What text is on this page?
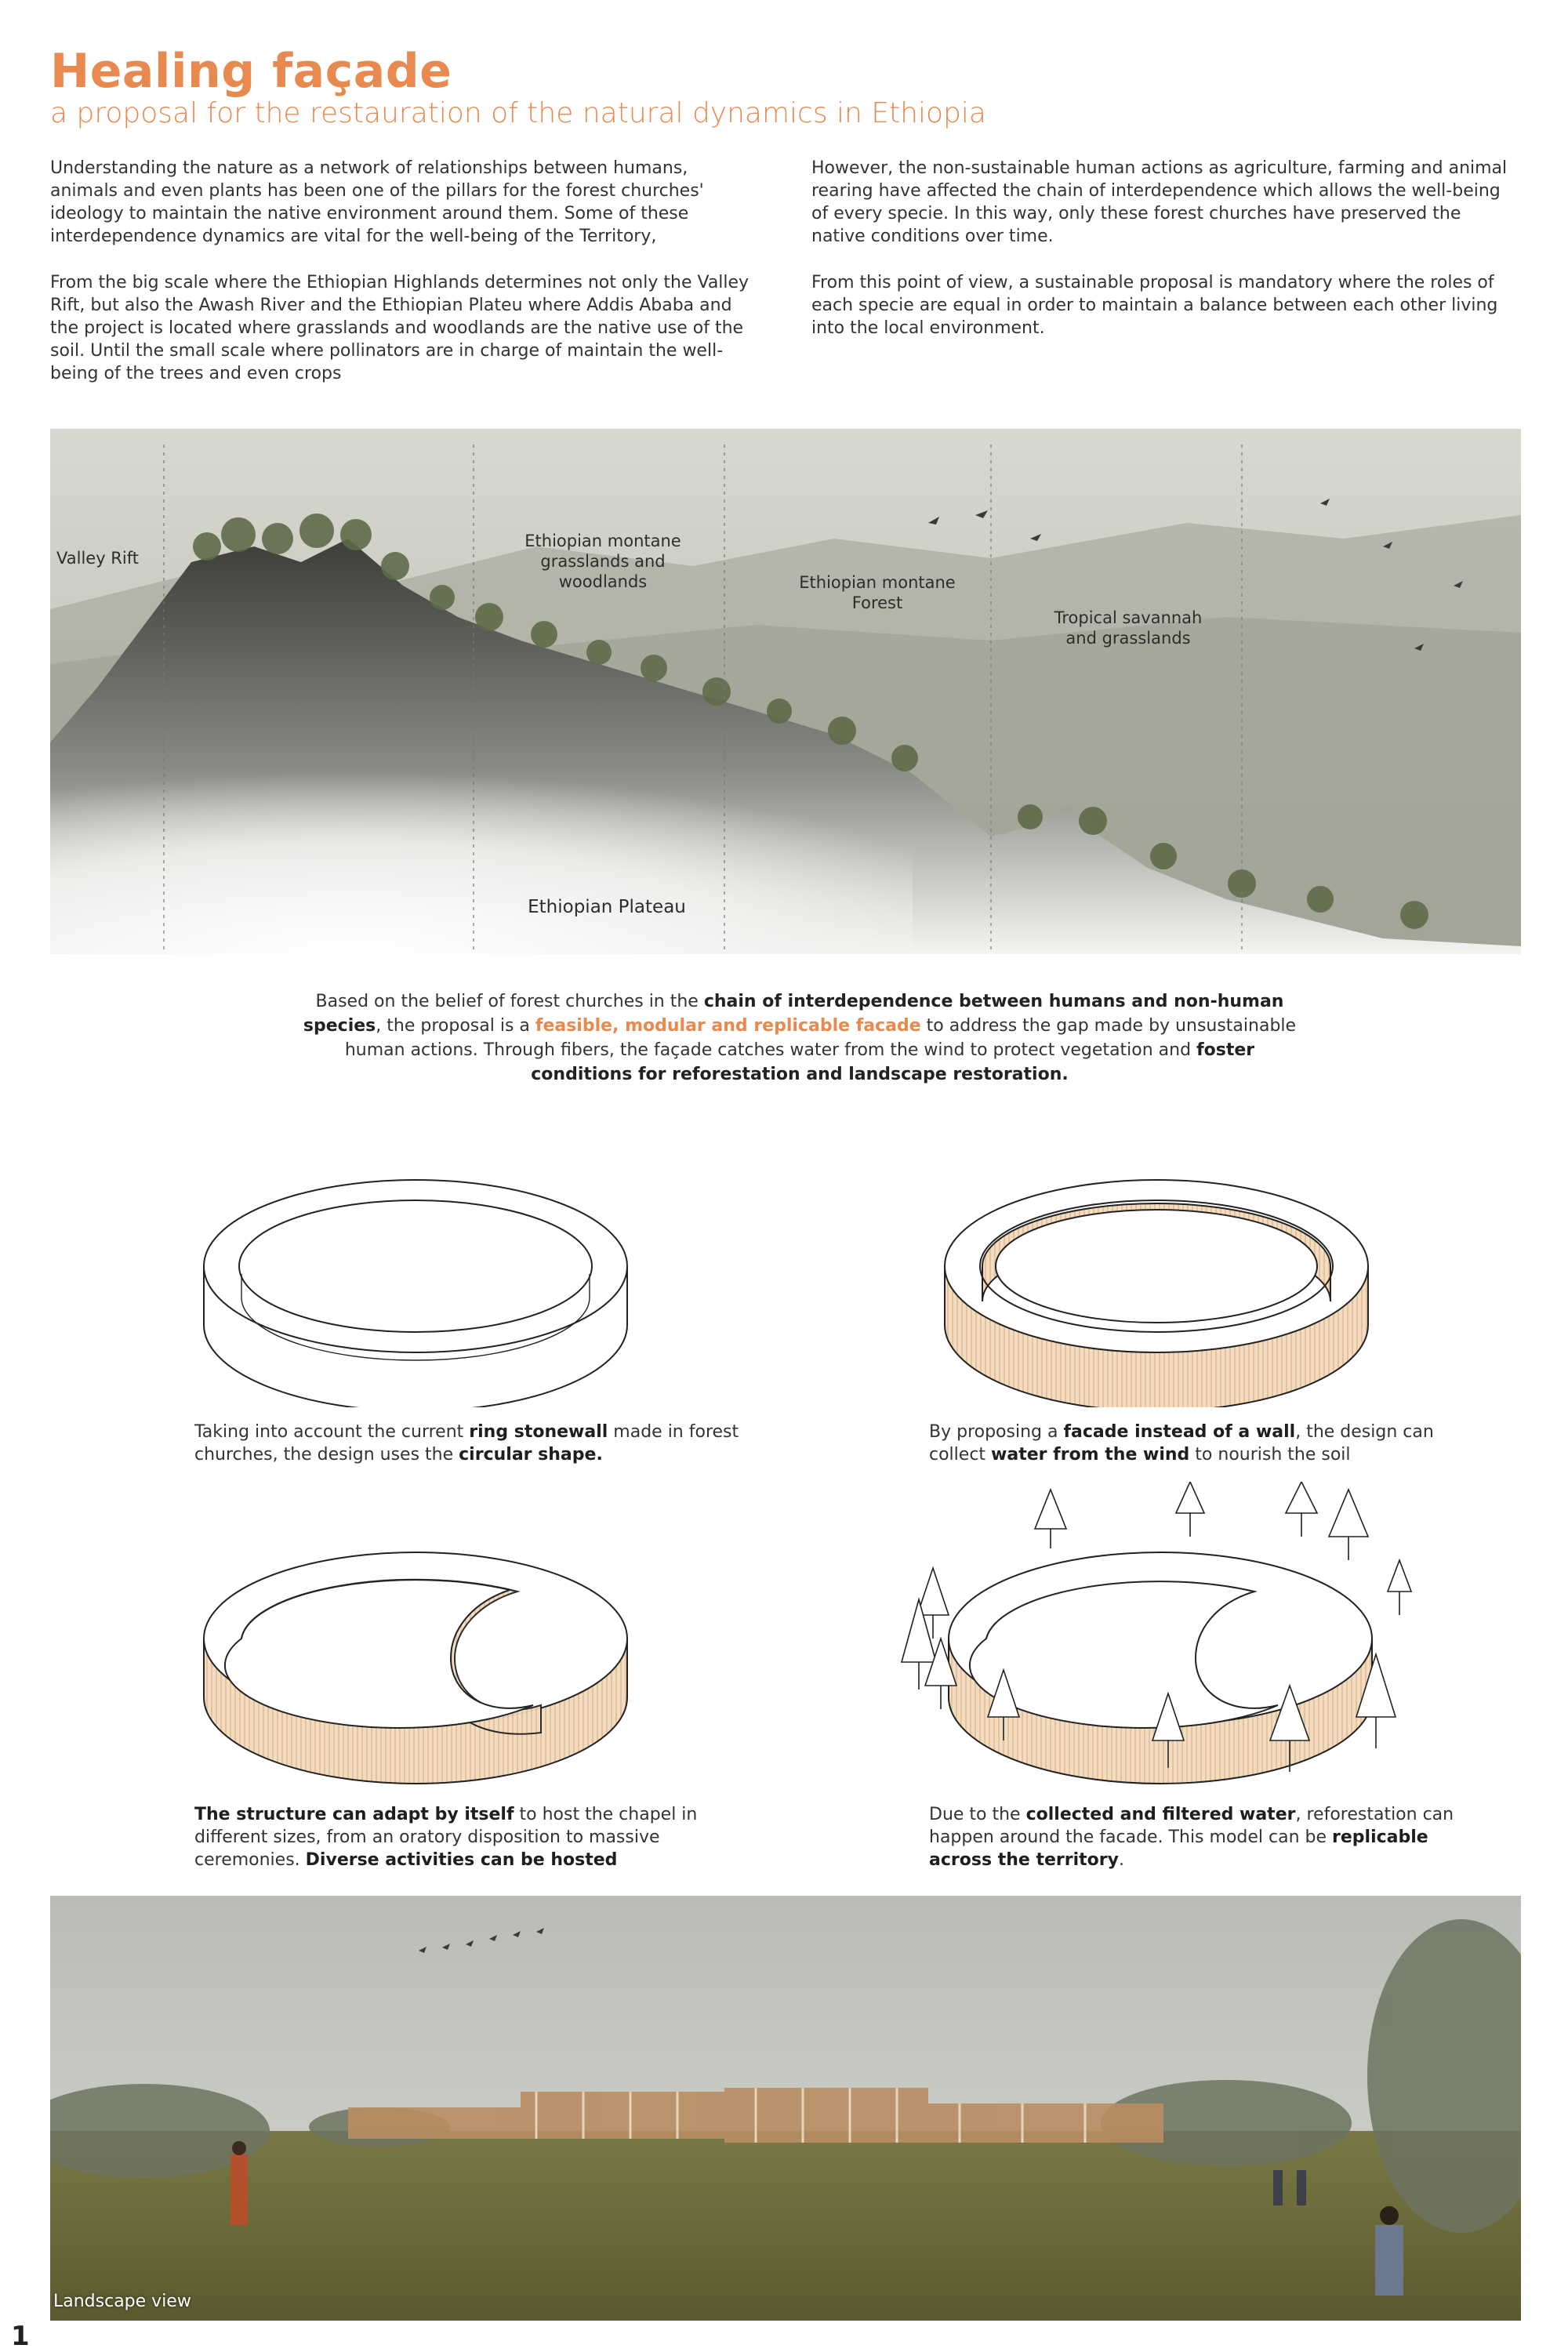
Healing façade
a proposal for the restauration of the natural dynamics in Ethiopia

Understanding the nature as a network of relationships between humans, animals and even plants has been one of the pillars for the forest churches' ideology to maintain the native environment around them. Some of these interdependence dynamics are vital for the well-being of the Territory,

From the big scale where the Ethiopian Highlands determines not only the Valley Rift, but also the Awash River and the Ethiopian Plateu where Addis Ababa and the project is located where grasslands and woodlands are the native use of the soil. Until the small scale where pollinators are in charge of maintain the well-being of the trees and even crops

However, the non-sustainable human actions as agriculture, farming and animal rearing have affected the chain of interdependence which allows the well-being of every specie. In this way, only these forest churches have preserved the native conditions over time.

From this point of view, a sustainable proposal is mandatory where the roles of each specie are equal in order to maintain a balance between each other living into the local environment.

Valley Rift
Ethiopian montane
grasslands and
woodlands	Ethiopian montane
Forest
Tropical savannah
and grasslands
Ethiopian Plateau
Based on the belief of forest churches in the chain of interdependence between humans and non-human species, the proposal is a feasible, modular and replicable facade to address the gap made by unsustainable human actions. Through fibers, the façade catches water from the wind to protect vegetation and foster conditions for reforestation and landscape restoration.
Taking into account the current ring stonewall made in forest churches, the design uses the circular shape.
By proposing a facade instead of a wall, the design can collect water from the wind to nourish the soil
The structure can adapt by itself to host the chapel in different sizes, from an oratory disposition to massive ceremonies. Diverse activities can be hosted
Due to the collected and filtered water, reforestation can happen around the facade. This model can be replicable across the territory.
Landscape view
1
